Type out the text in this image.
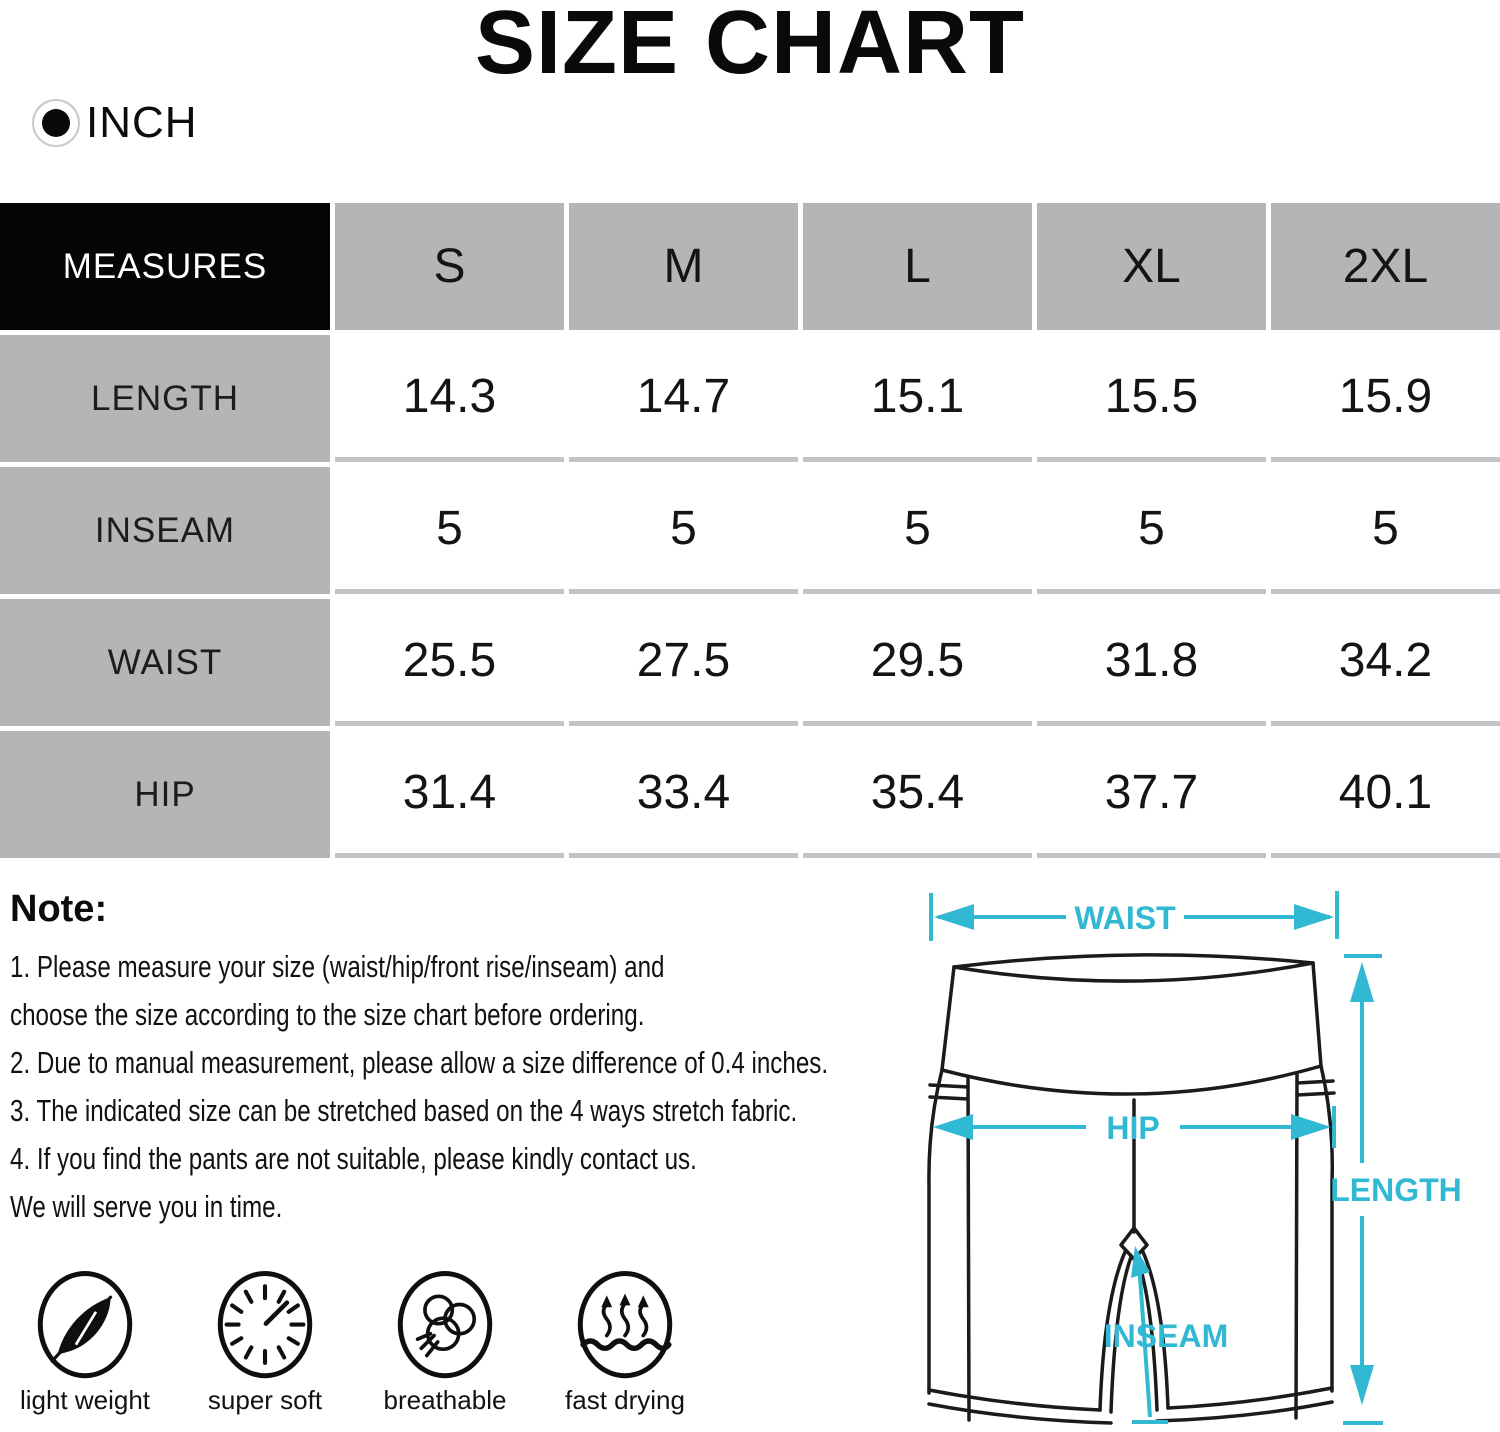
SIZE CHART
INCH
MEASURES	S	M	L	XL	2XL
LENGTH	14.3	14.7	15.1	15.5	15.9
INSEAM	5	5	5	5	5
WAIST	25.5	27.5	29.5	31.8	34.2
HIP	31.4	33.4	35.4	37.7	40.1
Note:

1. Please measure your size (waist/hip/front rise/inseam) and

choose the size according to the size chart before ordering.

2. Due to manual measurement, please allow a size difference of 0.4 inches.

3. The indicated size can be stretched based on the 4 ways stretch fabric.

4. If you find the pants are not suitable, please kindly contact us.

We will serve you in time.

light weight	super soft	breathable	fast drying
WAIST
HIP
LENGTH
INSEAM
